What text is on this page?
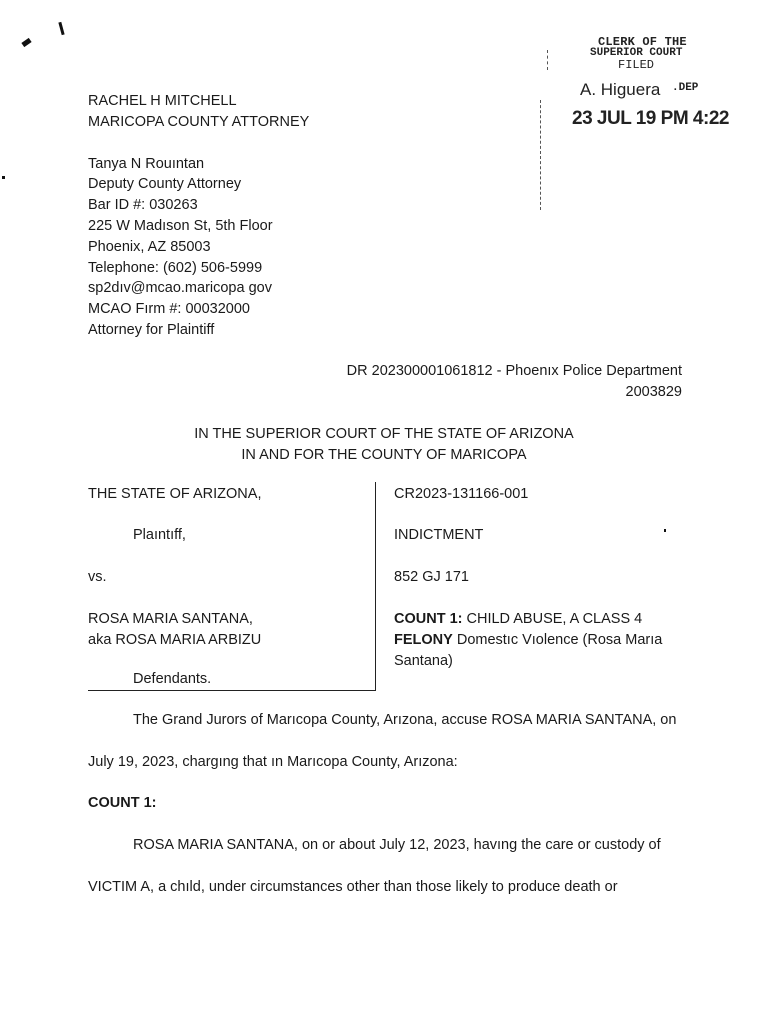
CLERK OF THE
SUPERIOR COURT
FILED
A. Higuera .DEP
23 JUL 19 PM 4:22
RACHEL H MITCHELL
MARICOPA COUNTY ATTORNEY
Tanya N Rouıntan
Deputy County Attorney
Bar ID #: 030263
225 W Madıson St, 5th Floor
Phoenix, AZ 85003
Telephone: (602) 506-5999
sp2dıv@mcao.maricopa gov
MCAO Fırm #: 00032000
Attorney for Plaintiff
DR 202300001061812 - Phoenıx Police Department
2003829
IN THE SUPERIOR COURT OF THE STATE OF ARIZONA
IN AND FOR THE COUNTY OF MARICOPA
THE STATE OF ARIZONA,
Plaıntıff,
vs.
ROSA MARIA SANTANA,
aka ROSA MARIA ARBIZU
Defendants.
CR2023-131166-001
INDICTMENT
852 GJ 171
COUNT 1: CHILD ABUSE, A CLASS 4
FELONY Domestıc Vıolence (Rosa Marıa
Santana)
The Grand Jurors of Marıcopa County, Arızona, accuse ROSA MARIA SANTANA, on
July 19, 2023, chargıng that ın Marıcopa County, Arızona:
COUNT 1:
ROSA MARIA SANTANA, on or about July 12, 2023, havıng the care or custody of
VICTIM A, a chıld, under circumstances other than those likely to produce death or
